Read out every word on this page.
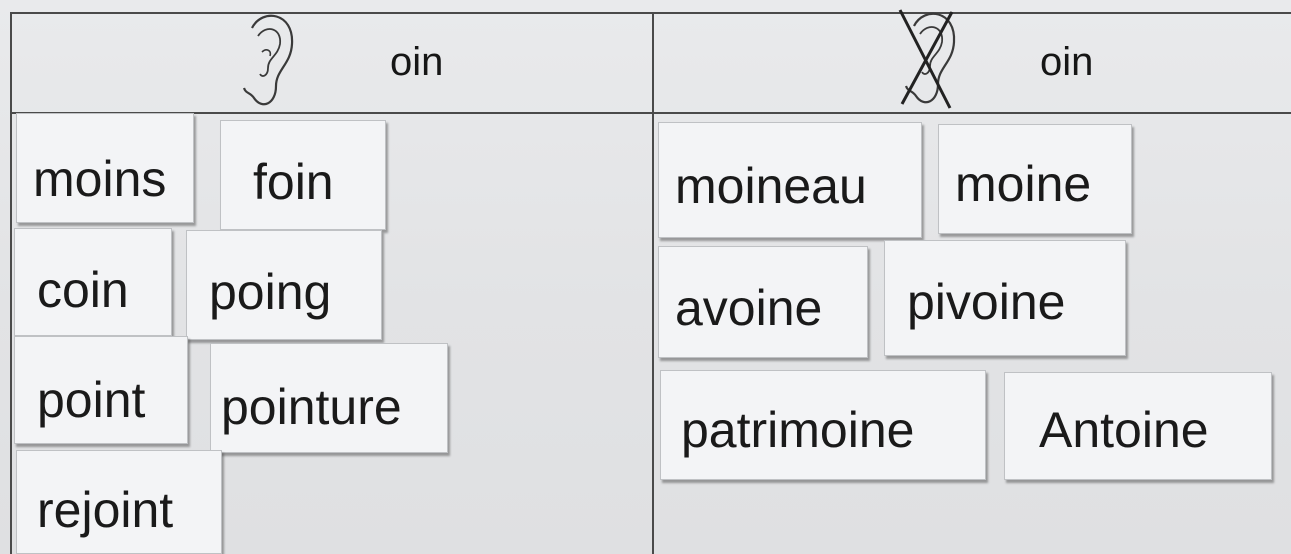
oin	oin
moins foin
coin poing
point pointure
rejoint
moineau moine
avoine pivoine
patrimoine Antoine
